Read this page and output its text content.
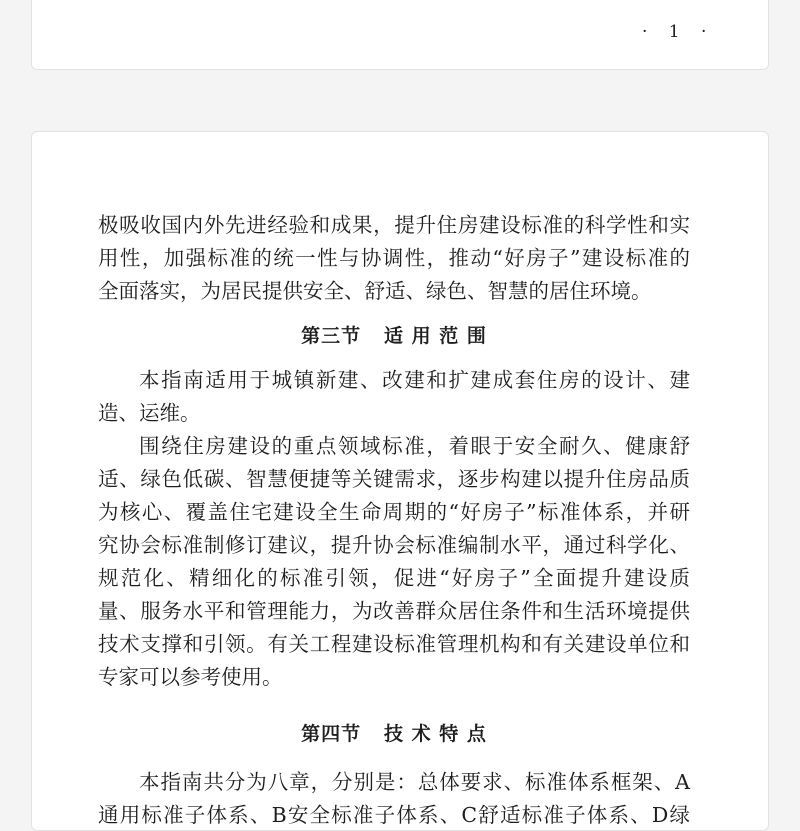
· 1 ·
极吸收国内外先进经验和成果，提升住房建设标准的科学性和实
用性，加强标准的统一性与协调性，推动“好房子”建设标准的
全面落实，为居民提供安全、舒适、绿色、智慧的居住环境。
第三节   适 用 范 围
本指南适用于城镇新建、改建和扩建成套住房的设计、建
造、运维。
围绕住房建设的重点领域标准，着眼于安全耐久、健康舒
适、绿色低碳、智慧便捷等关键需求，逐步构建以提升住房品质
为核心、覆盖住宅建设全生命周期的“好房子”标准体系，并研
究协会标准制修订建议，提升协会标准编制水平，通过科学化、
规范化、精细化的标准引领，促进“好房子”全面提升建设质
量、服务水平和管理能力，为改善群众居住条件和生活环境提供
技术支撑和引领。有关工程建设标准管理机构和有关建设单位和
专家可以参考使用。
第四节   技 术 特 点
本指南共分为八章，分别是：总体要求、标准体系框架、A
通用标准子体系、B安全标准子体系、C舒适标准子体系、D绿
